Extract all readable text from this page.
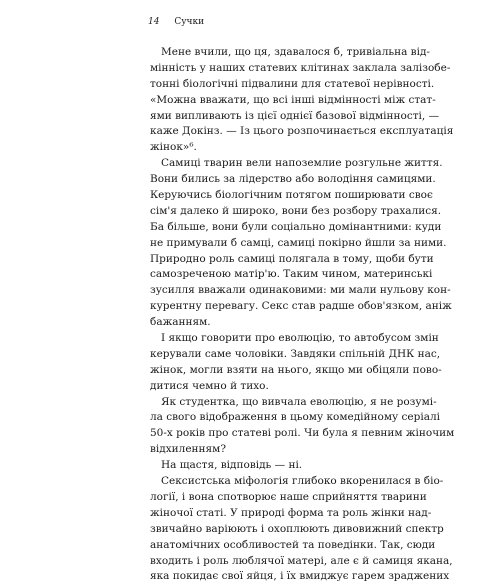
14 Сучки
Мене вчили, що ця, здавалося б, тривіальна від-
мінність у наших статевих клітинах заклала залізобе-
тонні біологічні підвалини для статевої нерівності.
«Можна вважати, що всі інші відмінності між стат-
ями випливають із цієї однієї базової відмінності, —
каже Докінз. — Із цього розпочинається експлуатація
жінок»⁶.
Самиці тварин вели напоземлие розгульне життя.
Вони бились за лідерство або володіння самицями.
Керуючись біологічним потягом поширювати своє
сім'я далеко й широко, вони без розбору трахалися.
Ба більше, вони були соціально домінантними: куди
не примували б самці, самиці покірно йшли за ними.
Природно роль самиці полягала в тому, щоби бути
самозреченою матір'ю. Таким чином, материнські
зусилля вважали одинаковими: ми мали нульову кон-
курентну перевагу. Секс став радше обов'язком, аніж
бажанням.
І якщо говорити про еволюцію, то автобусом змін
керували саме чоловіки. Завдяки спільній ДНК нас,
жінок, могли взяти на нього, якщо ми обіцяли пово-
дитися чемно й тихо.
Як студентка, що вивчала еволюцію, я не розумі-
ла свого відображення в цьому комедійному серіалі
50-х років про статеві ролі. Чи була я певним жіночим
відхиленням?
На щастя, відповідь — ні.
Сексистська міфологія глибоко вкоренилася в біо-
логії, і вона спотворює наше сприйняття тварини
жіночої статі. У природі форма та роль жінки над-
звичайно варіюють і охоплюють дивовижний спектр
анатомічних особливостей та поведінки. Так, сюди
входить і роль люблячої матері, але є й самиця якана,
яка покидає свої яйця, і їх вмиджує гарем зраджених
